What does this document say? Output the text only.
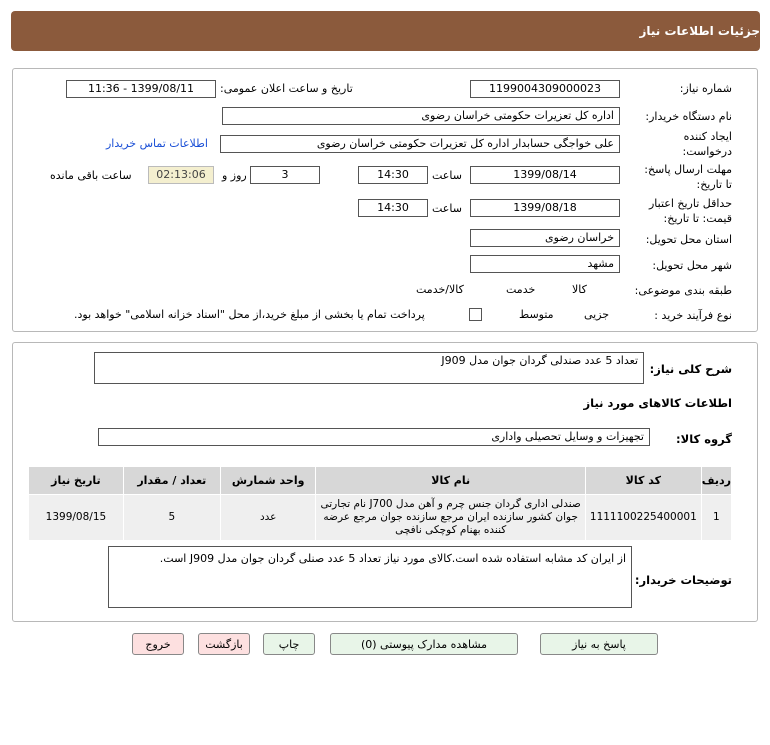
جزئیات اطلاعات نیاز
شماره نیاز:
1199004309000023
تاریخ و ساعت اعلان عمومی:
1399/08/11 - 11:36
نام دستگاه خریدار:
اداره کل تعزیرات حکومتی خراسان رضوی
ایجاد کننده
درخواست:
علی خواجگی حسابدار اداره کل تعزیرات حکومتی خراسان رضوی
اطلاعات تماس خریدار
مهلت ارسال پاسخ:
تا تاریخ:
1399/08/14
ساعت
14:30
3
روز و
02:13:06
ساعت باقی مانده
حداقل تاریخ اعتبار
قیمت: تا تاریخ:
1399/08/18
ساعت
14:30
استان محل تحویل:
خراسان رضوی
شهر محل تحویل:
مشهد
طبقه بندی موضوعی:

کالا

خدمت

کالا/خدمت
نوع فرآیند خرید :

جزیی
متوسط
پرداخت تمام یا بخشی از مبلغ خرید،از محل "اسناد خزانه اسلامی" خواهد بود.
شرح کلی نیاز:
تعداد 5 عدد صندلی گردان جوان مدل J909
اطلاعات کالاهای مورد نیاز
گروه کالا:
تجهیزات و وسایل تحصیلی واداری
ردیف	کد کالا	نام کالا	واحد شمارش	تعداد / مقدار	تاریخ نیاز
1	1111100225400001	صندلی اداری گردان جنس چرم و آهن مدل J700 نام تجارتی جوان کشور سازنده ایران مرجع سازنده جوان مرجع عرضه کننده بهنام کوچکی نافچی	عدد	5	1399/08/15
توضیحات خریدار:
از ایران کد مشابه استفاده شده است.کالای مورد نیاز تعداد 5 عدد صنلی گردان جوان مدل J909 است.
پاسخ به نیاز
مشاهده مدارک پیوستی (0)
چاپ
بازگشت
خروج
